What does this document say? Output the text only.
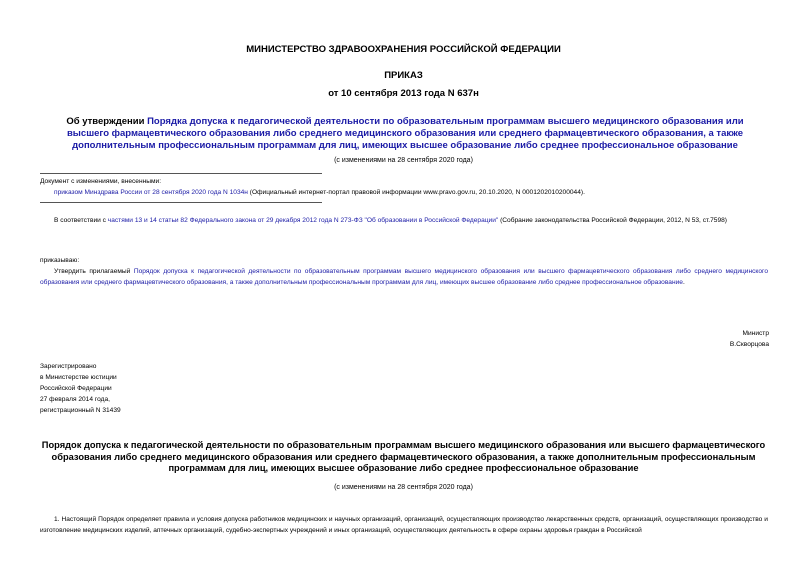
МИНИСТЕРСТВО ЗДРАВООХРАНЕНИЯ РОССИЙСКОЙ ФЕДЕРАЦИИ
ПРИКАЗ
от 10 сентября 2013 года N 637н
Об утверждении Порядка допуска к педагогической деятельности по образовательным программам высшего медицинского образования или высшего фармацевтического образования либо среднего медицинского образования или среднего фармацевтического образования, а также дополнительным профессиональным программам для лиц, имеющих высшее образование либо среднее профессиональное образование
(с изменениями на 28 сентября 2020 года)
Документ с изменениями, внесенными:
приказом Минздрава России от 28 сентября 2020 года N 1034н (Официальный интернет-портал правовой информации www.pravo.gov.ru, 20.10.2020, N 0001202010200044).
В соответствии с частями 13 и 14 статьи 82 Федерального закона от 29 декабря 2012 года N 273-ФЗ "Об образовании в Российской Федерации" (Собрание законодательства Российской Федерации, 2012, N 53, ст.7598)
приказываю:
Утвердить прилагаемый Порядок допуска к педагогической деятельности по образовательным программам высшего медицинского образования или высшего фармацевтического образования либо среднего медицинского образования или среднего фармацевтического образования, а также дополнительным профессиональным программам для лиц, имеющих высшее образование либо среднее профессиональное образование.
Министр
В.Скворцова
Зарегистрировано
в Министерстве юстиции
Российской Федерации
27 февраля 2014 года,
регистрационный N 31439
Порядок допуска к педагогической деятельности по образовательным программам высшего медицинского образования или высшего фармацевтического образования либо среднего медицинского образования или среднего фармацевтического образования, а также дополнительным профессиональным программам для лиц, имеющих высшее образование либо среднее профессиональное образование
(с изменениями на 28 сентября 2020 года)
1. Настоящий Порядок определяет правила и условия допуска работников медицинских и научных организаций, организаций, осуществляющих производство лекарственных средств, организаций, осуществляющих производство и изготовление медицинских изделий, аптечных организаций, судебно-экспертных учреждений и иных организаций, осуществляющих деятельность в сфере охраны здоровья граждан в Российской
